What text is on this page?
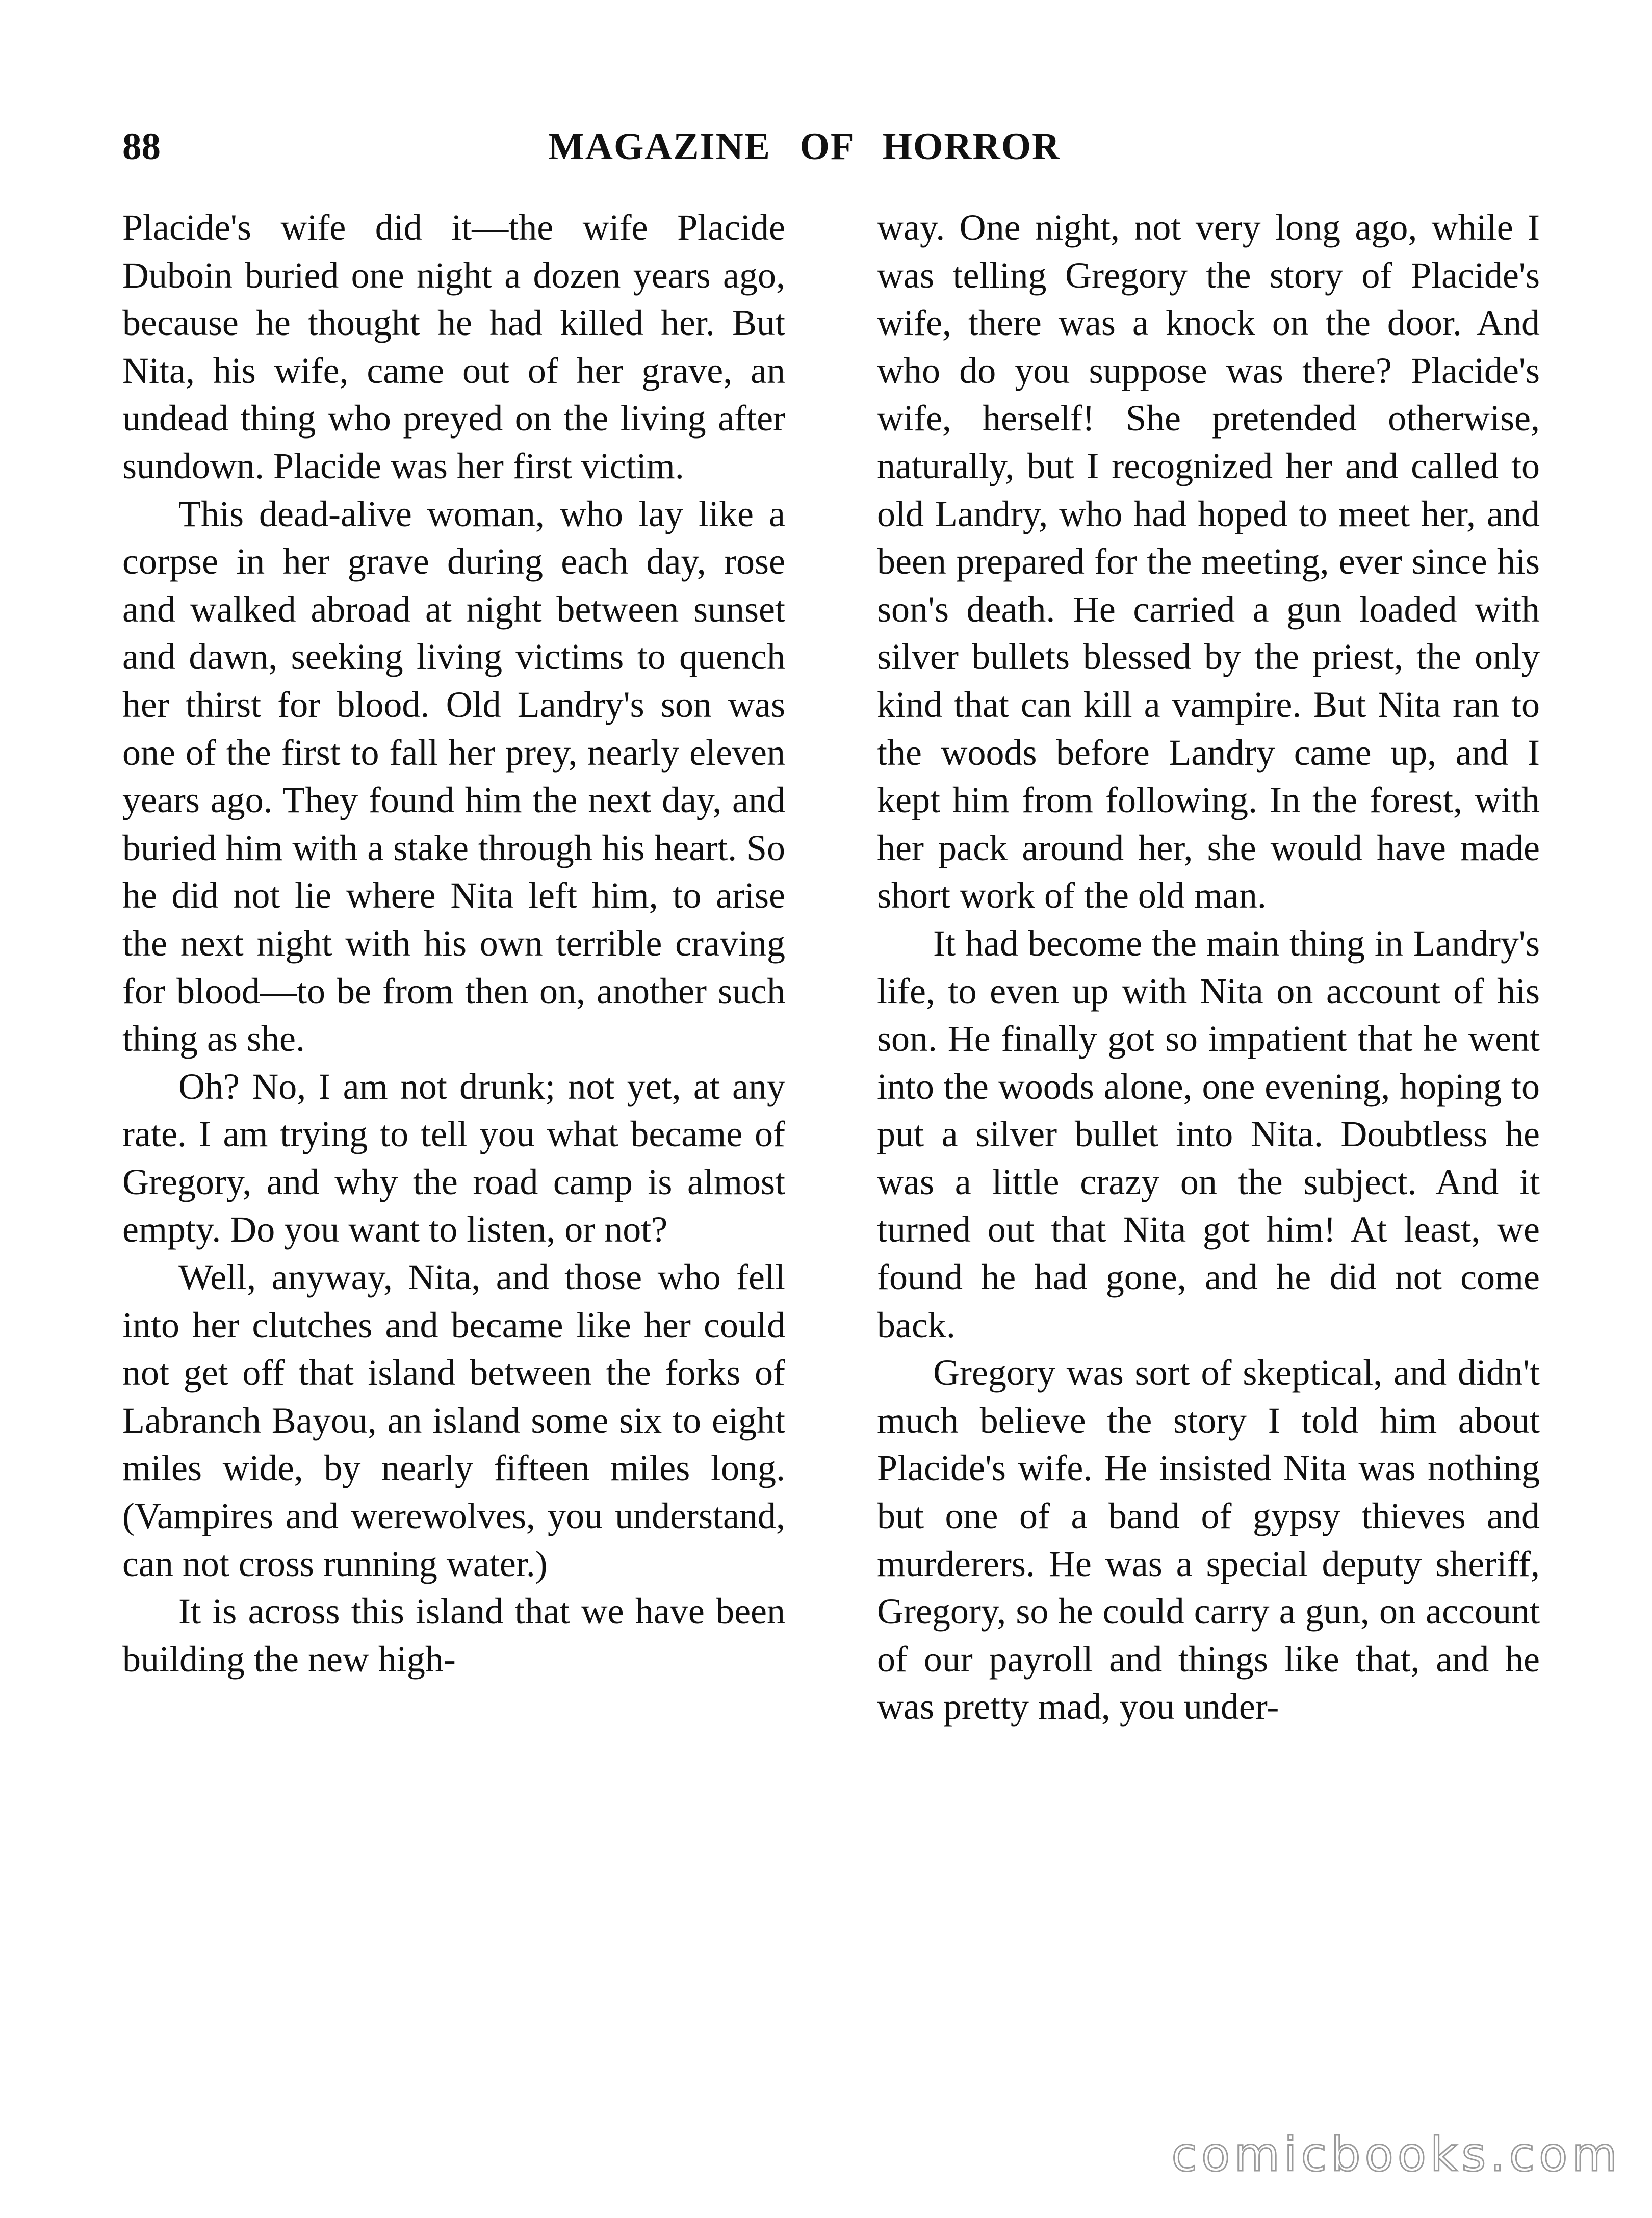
88	MAGAZINE OF HORROR

Placide's wife did it—the wife Placide Duboin buried one night a dozen years ago, because he thought he had killed her. But Nita, his wife, came out of her grave, an undead thing who preyed on the living after sundown. Placide was her first victim.

This dead-alive woman, who lay like a corpse in her grave during each day, rose and walked abroad at night between sunset and dawn, seeking living victims to quench her thirst for blood. Old Landry's son was one of the first to fall her prey, nearly eleven years ago. They found him the next day, and buried him with a stake through his heart. So he did not lie where Nita left him, to arise the next night with his own terrible craving for blood—to be from then on, another such thing as she.

Oh? No, I am not drunk; not yet, at any rate. I am trying to tell you what became of Gregory, and why the road camp is almost empty. Do you want to listen, or not?

Well, anyway, Nita, and those who fell into her clutches and became like her could not get off that island between the forks of Labranch Bayou, an island some six to eight miles wide, by nearly fifteen miles long. (Vampires and werewolves, you understand, can not cross running water.)

It is across this island that we have been building the new high-

way. One night, not very long ago, while I was telling Gregory the story of Placide's wife, there was a knock on the door. And who do you suppose was there? Placide's wife, herself! She pretended otherwise, naturally, but I recognized her and called to old Landry, who had hoped to meet her, and been prepared for the meeting, ever since his son's death. He carried a gun loaded with silver bullets blessed by the priest, the only kind that can kill a vampire. But Nita ran to the woods before Landry came up, and I kept him from following. In the forest, with her pack around her, she would have made short work of the old man.

It had become the main thing in Landry's life, to even up with Nita on account of his son. He finally got so impatient that he went into the woods alone, one evening, hoping to put a silver bullet into Nita. Doubtless he was a little crazy on the subject. And it turned out that Nita got him! At least, we found he had gone, and he did not come back.

Gregory was sort of skeptical, and didn't much believe the story I told him about Placide's wife. He insisted Nita was nothing but one of a band of gypsy thieves and murderers. He was a special deputy sheriff, Gregory, so he could carry a gun, on account of our payroll and things like that, and he was pretty mad, you under-

comicbooks.com
